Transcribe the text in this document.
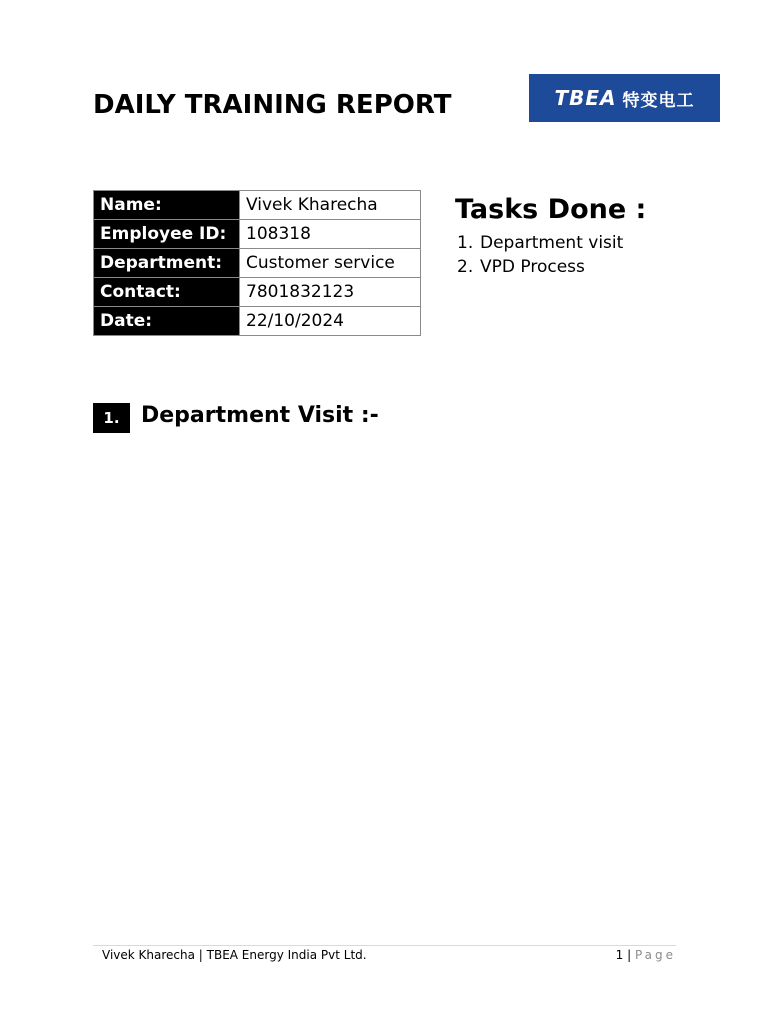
DAILY TRAINING REPORT	TBEA 特变电工
Name:	Vivek Kharecha
Employee ID:	108318
Department:	Customer service
Contact:	7801832123
Date:	22/10/2024
Tasks Done :
1. Department visit
2. VPD Process
1. Department Visit :-
Vivek Kharecha | TBEA Energy India Pvt Ltd.	1 | Page
